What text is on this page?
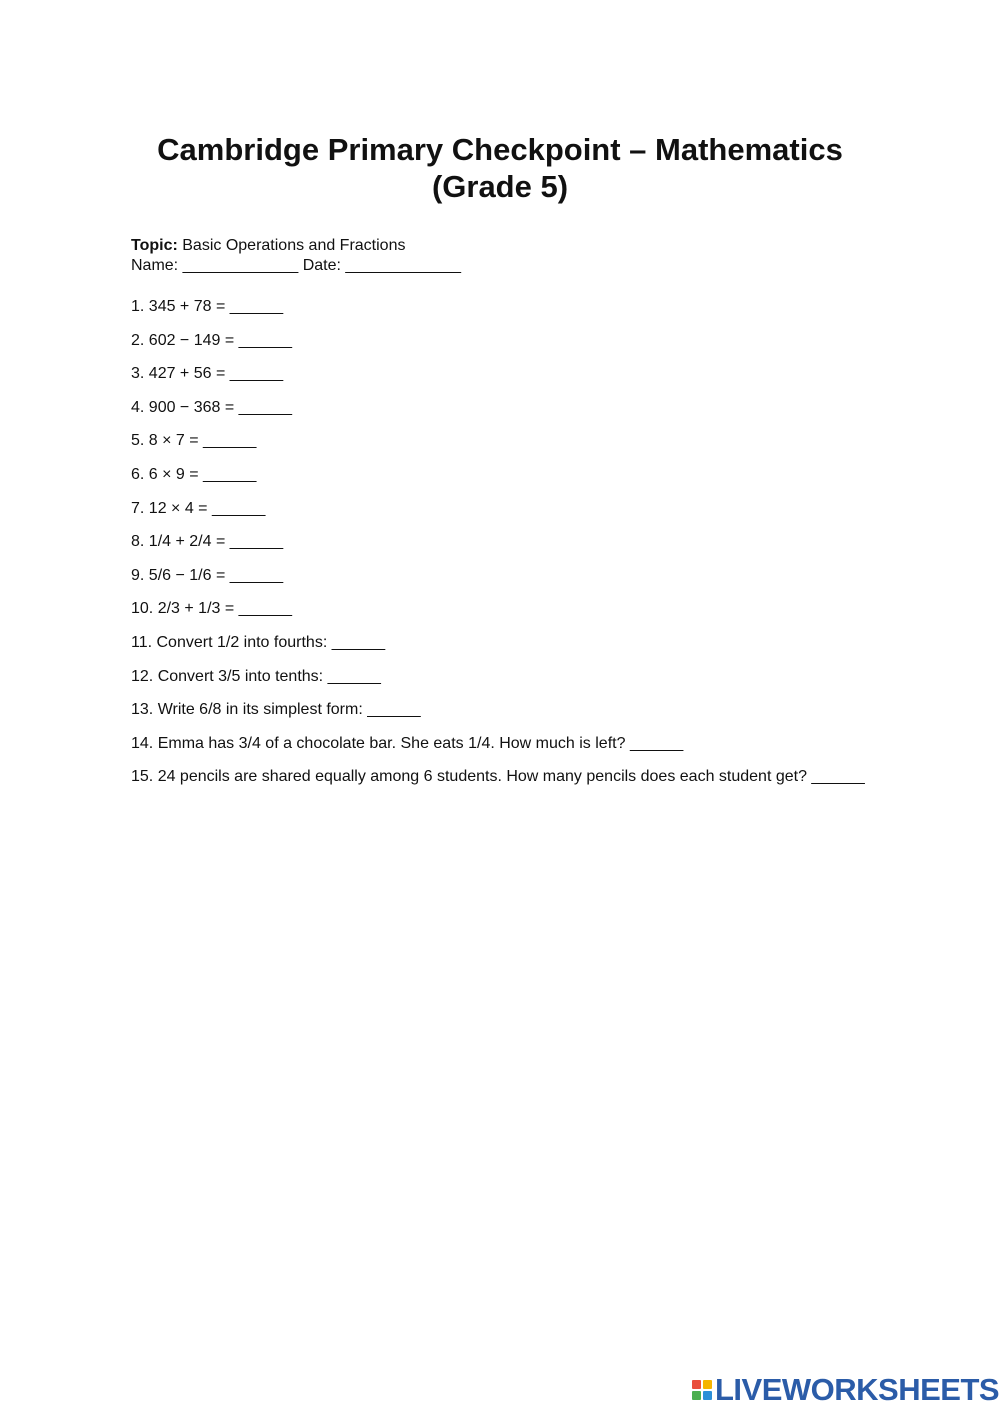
Cambridge Primary Checkpoint – Mathematics
(Grade 5)
Topic: Basic Operations and Fractions
Name: _____________ Date: _____________
1. 345 + 78 = ______
2. 602 − 149 = ______
3. 427 + 56 = ______
4. 900 − 368 = ______
5. 8 × 7 = ______
6. 6 × 9 = ______
7. 12 × 4 = ______
8. 1/4 + 2/4 = ______
9. 5/6 − 1/6 = ______
10. 2/3 + 1/3 = ______
11. Convert 1/2 into fourths: ______
12. Convert 3/5 into tenths: ______
13. Write 6/8 in its simplest form: ______
14. Emma has 3/4 of a chocolate bar. She eats 1/4. How much is left? ______
15. 24 pencils are shared equally among 6 students. How many pencils does each student get? ______
LIVEWORKSHEETS
